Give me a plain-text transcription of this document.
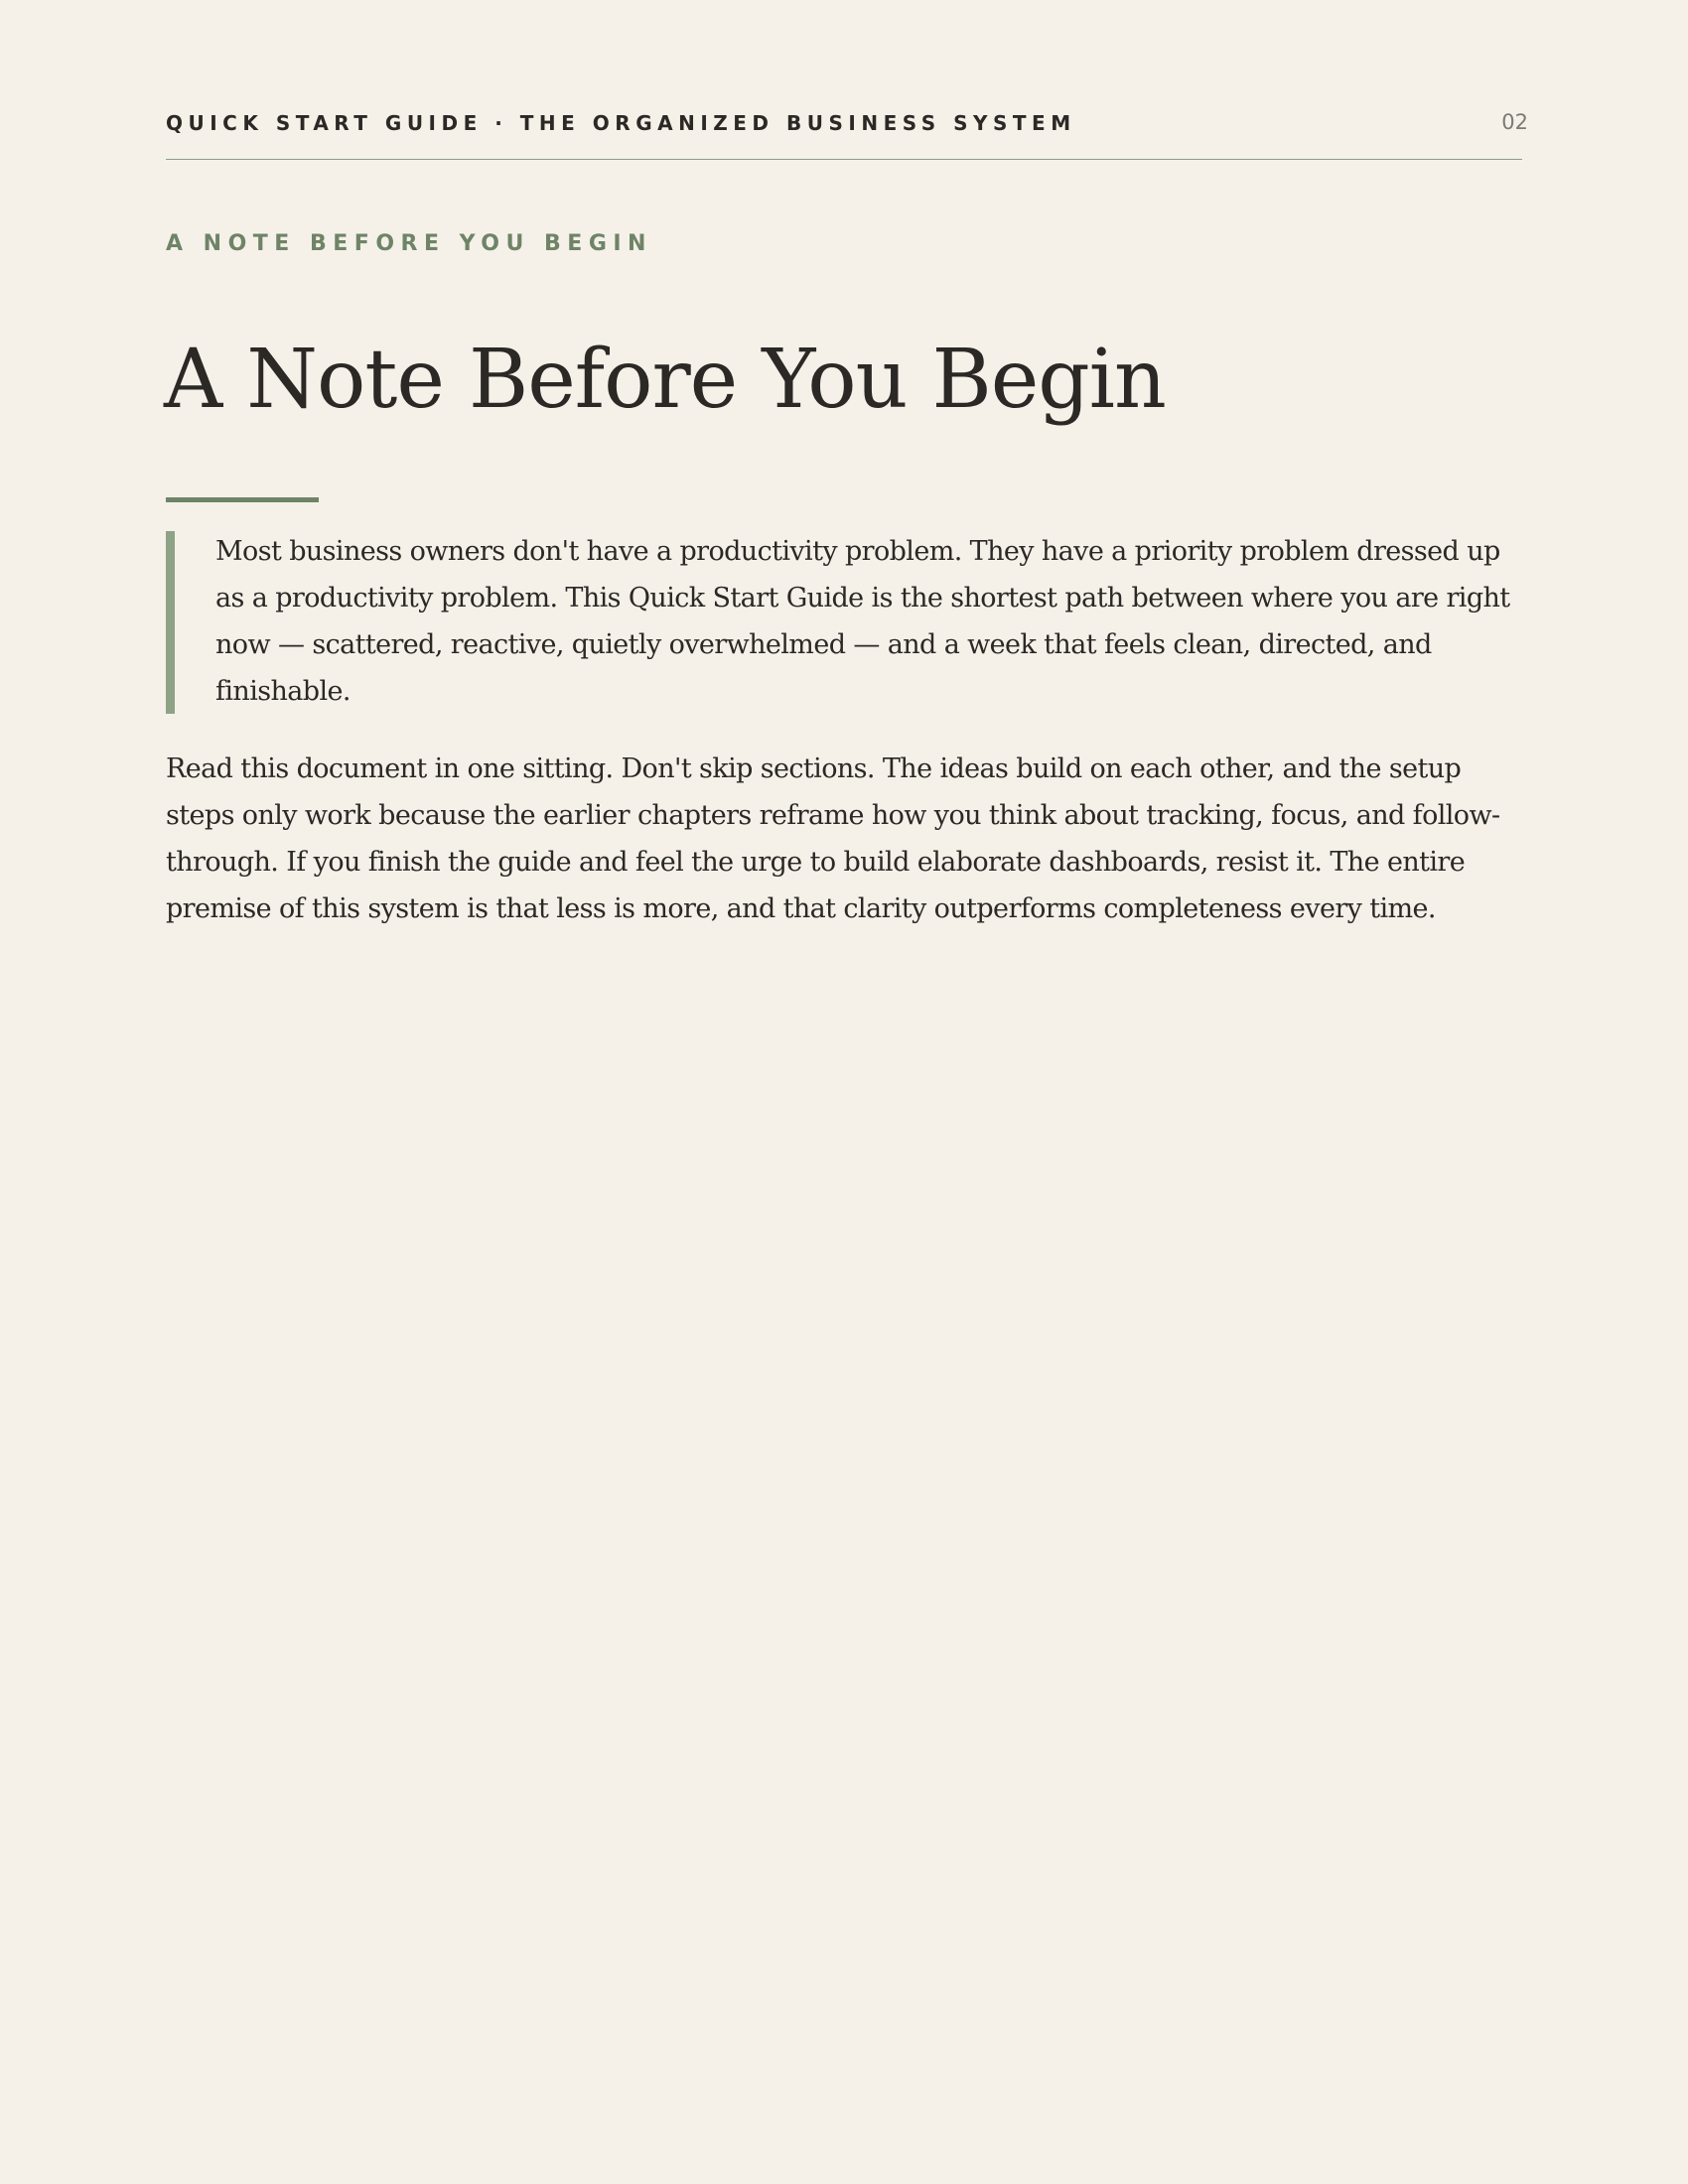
QUICK START GUIDE · THE ORGANIZED BUSINESS SYSTEM	02
A NOTE BEFORE YOU BEGIN
A Note Before You Begin

Most business owners don't have a productivity problem. They have a priority problem dressed up as a productivity problem. This Quick Start Guide is the shortest path between where you are right now — scattered, reactive, quietly overwhelmed — and a week that feels clean, directed, and finishable.

Read this document in one sitting. Don't skip sections. The ideas build on each other, and the setup steps only work because the earlier chapters reframe how you think about tracking, focus, and follow-through. If you finish the guide and feel the urge to build elaborate dashboards, resist it. The entire premise of this system is that less is more, and that clarity outperforms completeness every time.
